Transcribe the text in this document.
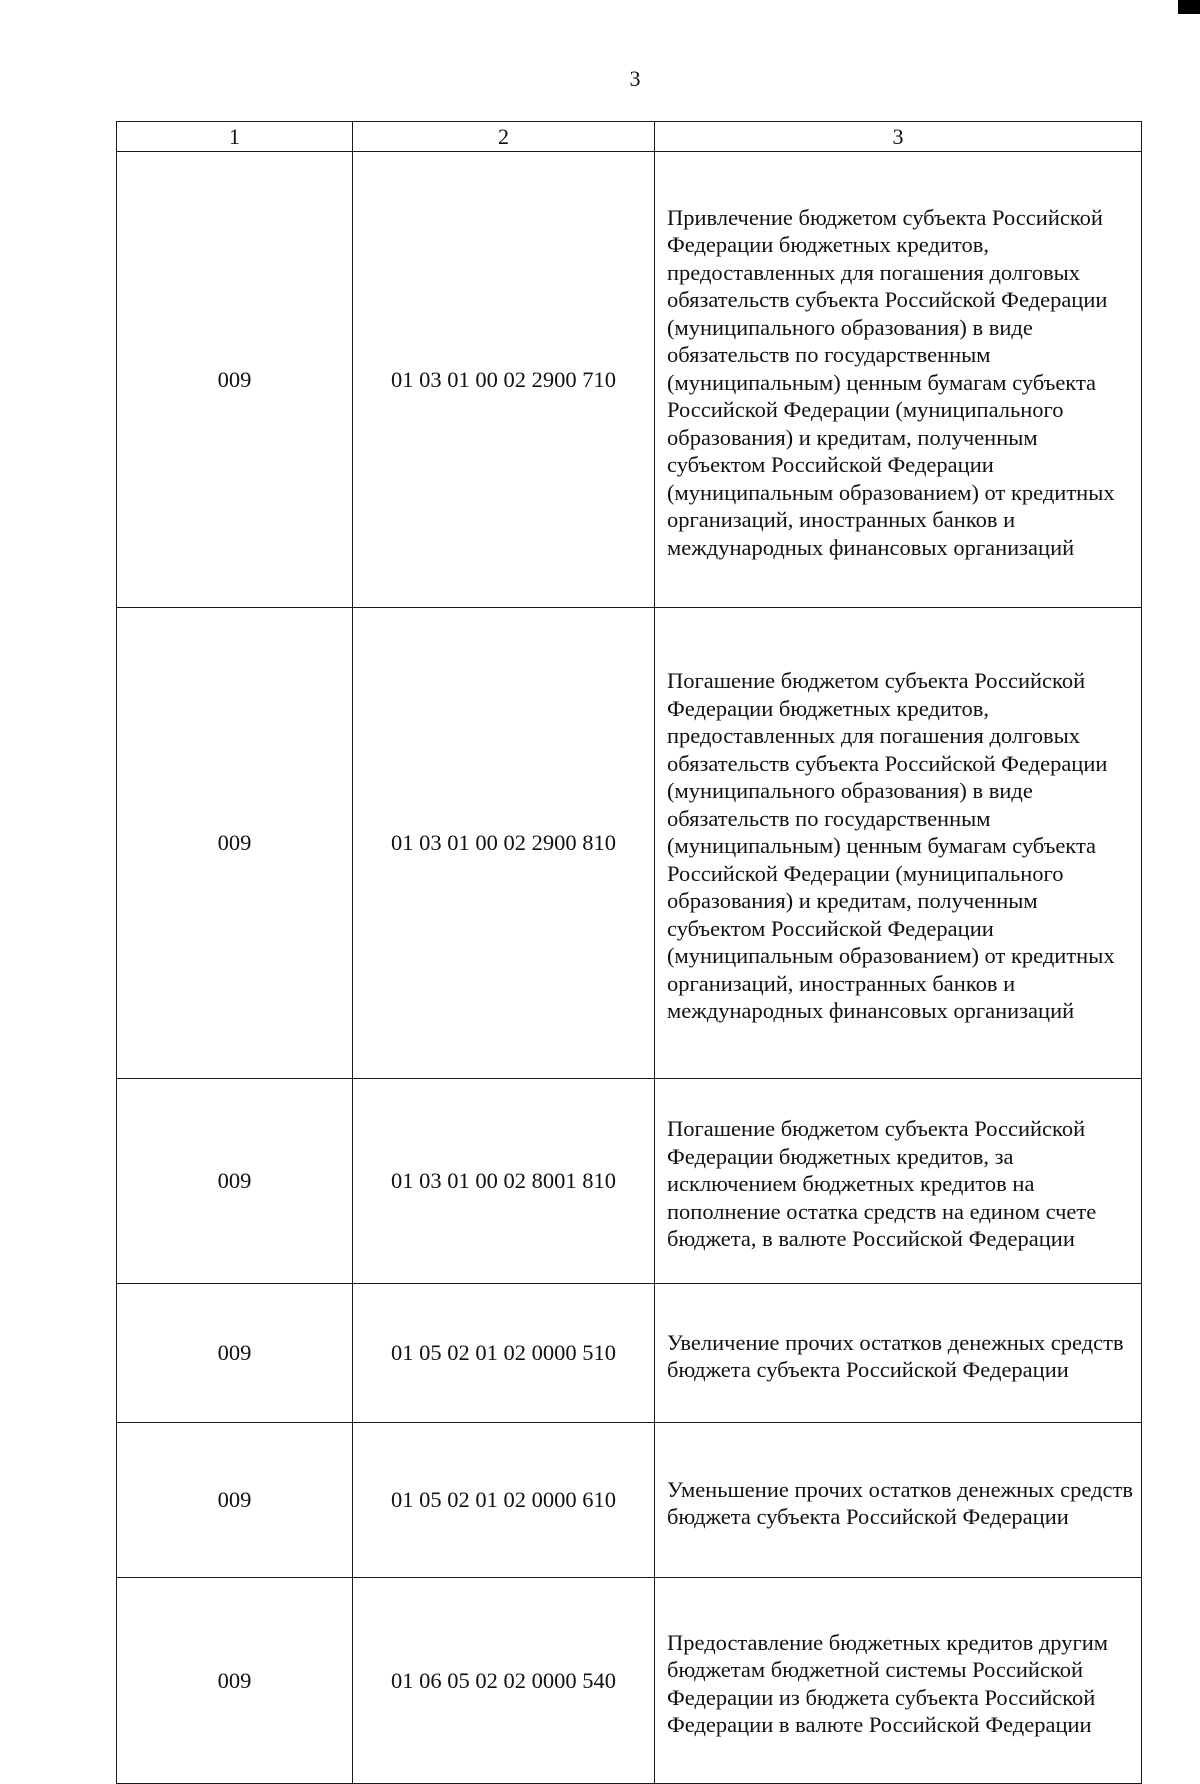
3
1	2	3
009	01 03 01 00 02 2900 710	Привлечение бюджетом субъекта Российской Федерации бюджетных кредитов, предоставленных для погашения долговых обязательств субъекта Российской Федерации (муниципального образования) в виде обязательств по государственным (муниципальным) ценным бумагам субъекта Российской Федерации (муниципального образования) и кредитам, полученным субъектом Российской Федерации (муниципальным образованием) от кредитных организаций, иностранных банков и международных финансовых организаций
009	01 03 01 00 02 2900 810	Погашение бюджетом субъекта Российской Федерации бюджетных кредитов, предоставленных для погашения долговых обязательств субъекта Российской Федерации (муниципального образования) в виде обязательств по государственным (муниципальным) ценным бумагам субъекта Российской Федерации (муниципального образования) и кредитам, полученным субъектом Российской Федерации (муниципальным образованием) от кредитных организаций, иностранных банков и международных финансовых организаций
009	01 03 01 00 02 8001 810	Погашение бюджетом субъекта Российской Федерации бюджетных кредитов, за исключением бюджетных кредитов на пополнение остатка средств на едином счете бюджета, в валюте Российской Федерации
009	01 05 02 01 02 0000 510	Увеличение прочих остатков денежных средств бюджета субъекта Российской Федерации
009	01 05 02 01 02 0000 610	Уменьшение прочих остатков денежных средств бюджета субъекта Российской Федерации
009	01 06 05 02 02 0000 540	Предоставление бюджетных кредитов другим бюджетам бюджетной системы Российской Федерации из бюджета субъекта Российской Федерации в валюте Российской Федерации
